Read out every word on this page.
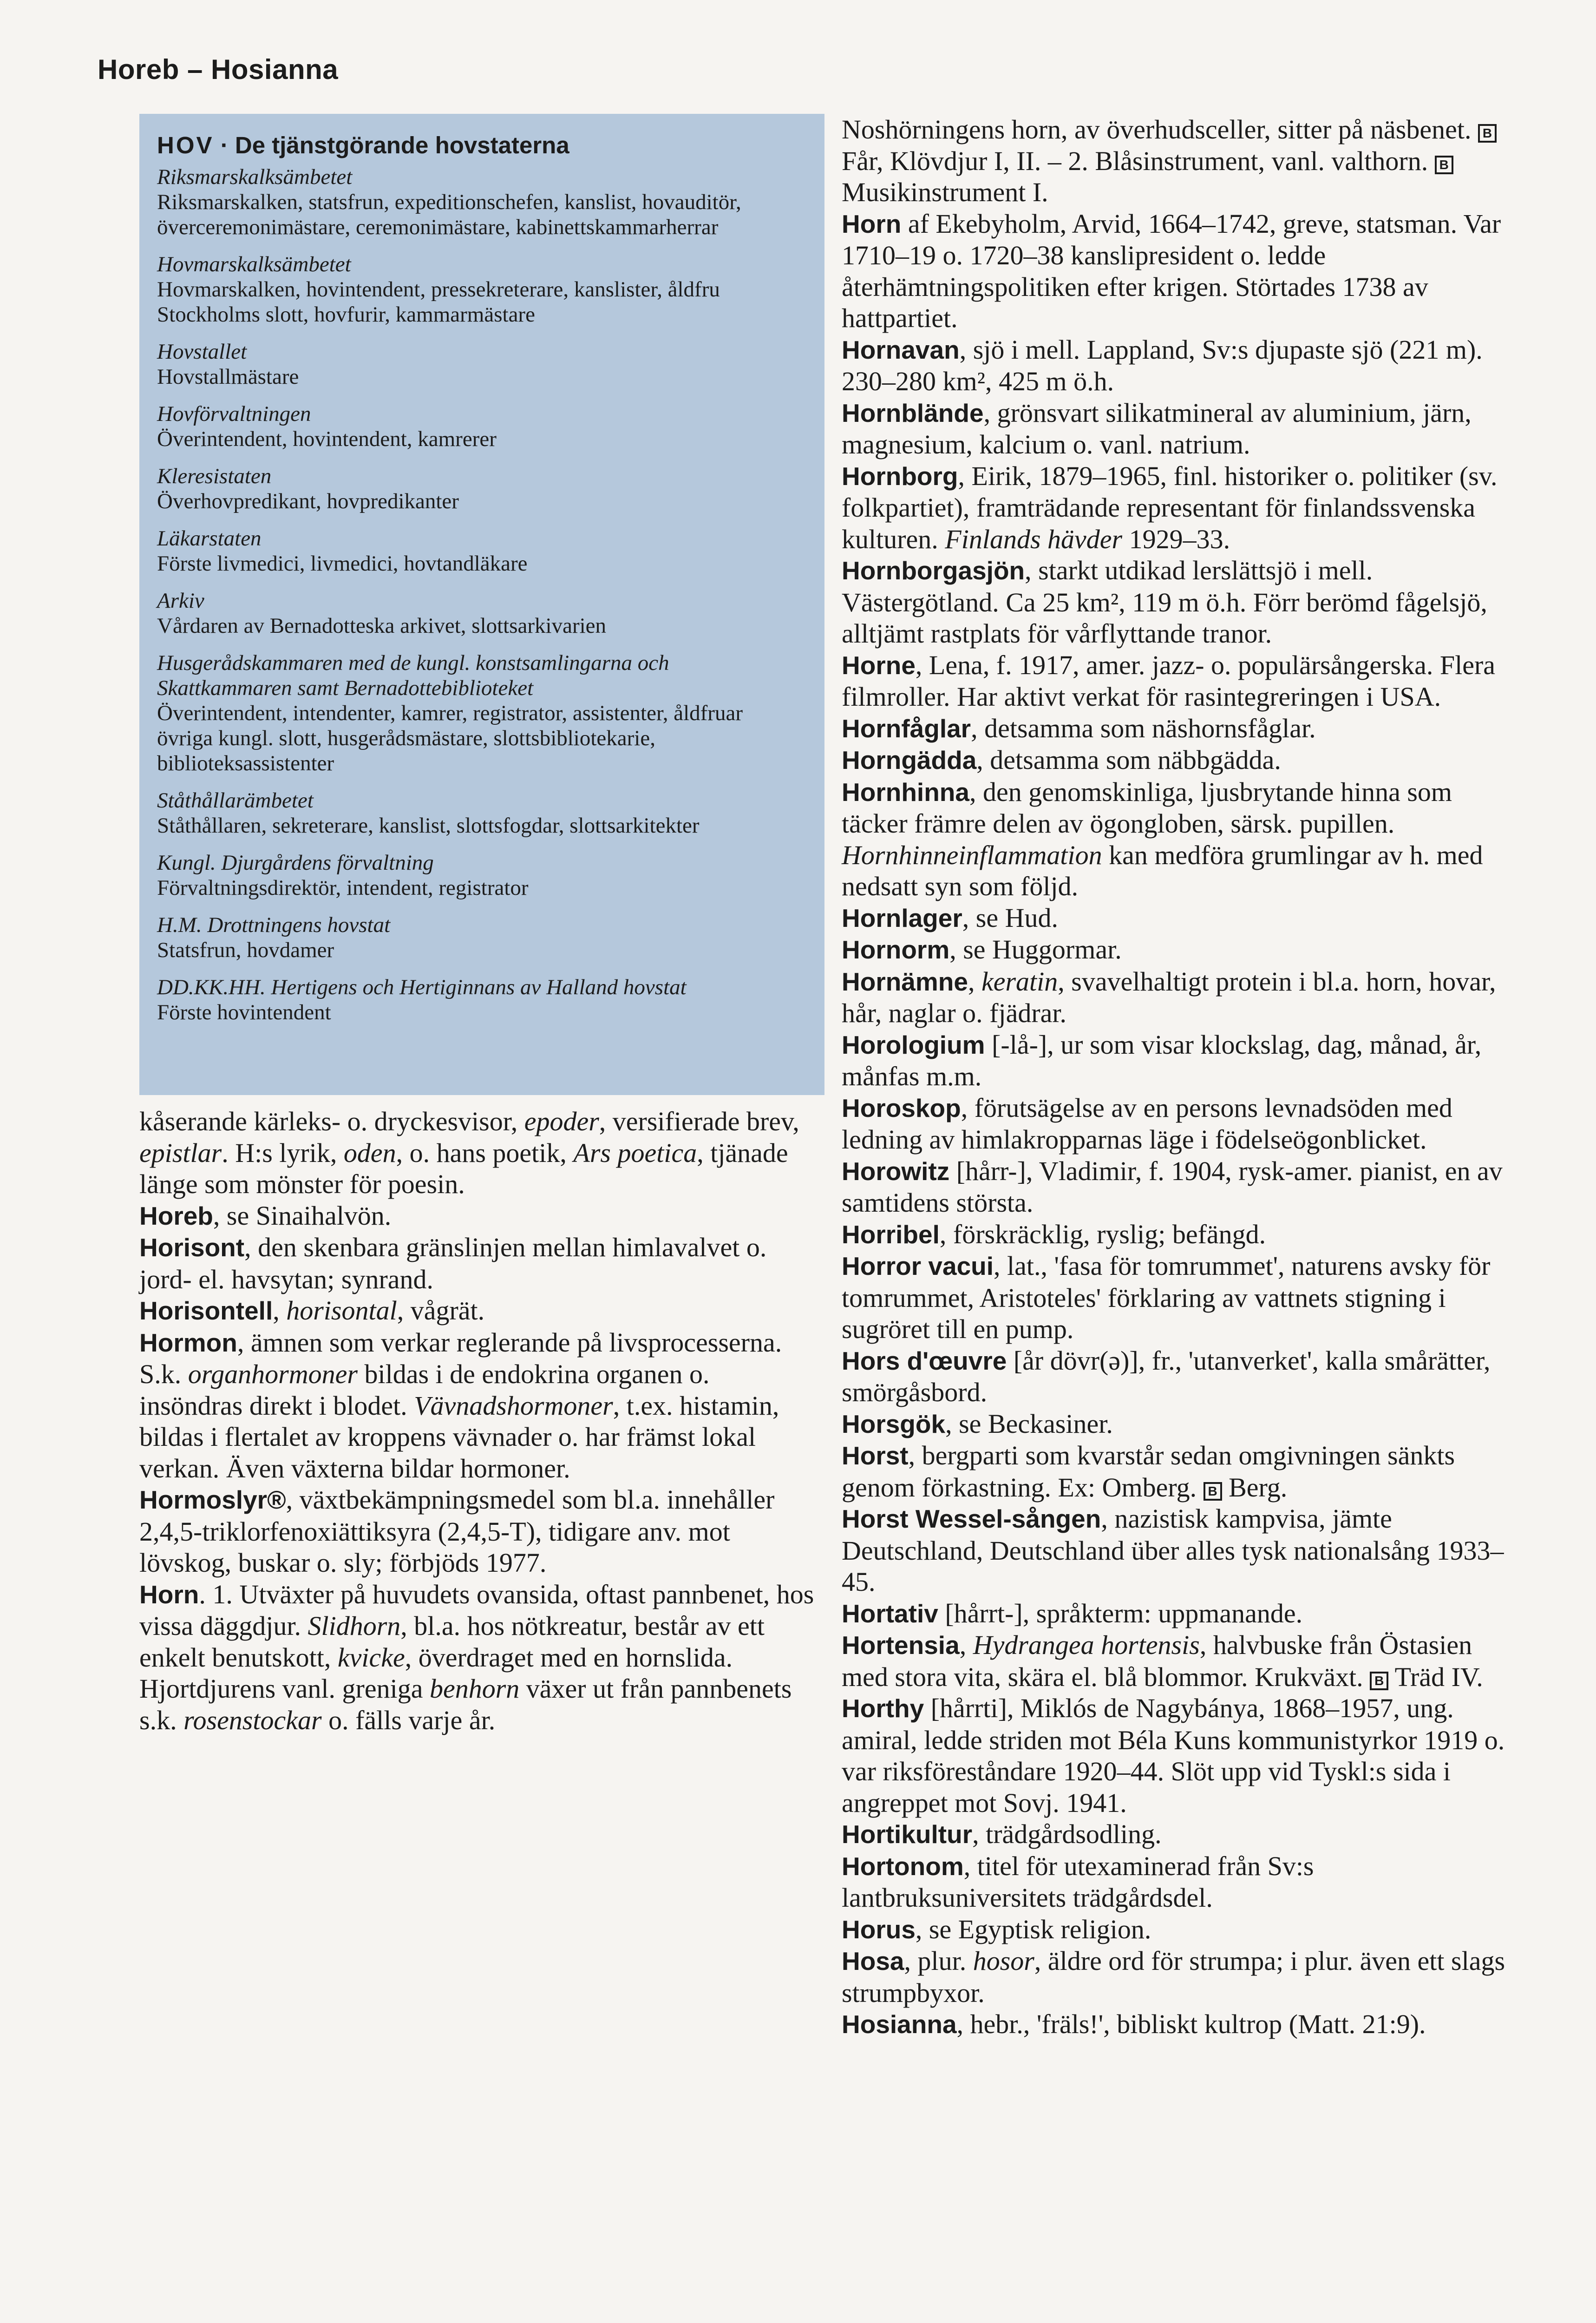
Horeb – Hosianna
HOV · De tjänstgörande hovstaterna
Riksmarskalksämbetet
Riksmarskalken, statsfrun, expeditionschefen, kanslist, hovauditör, överceremonimästare, ceremonimästare, kabinettskammarherrar
Hovmarskalksämbetet
Hovmarskalken, hovintendent, pressekreterare, kanslister, åldfru Stockholms slott, hovfurir, kammarmästare
Hovstallet
Hovstallmästare
Hovförvaltningen
Överintendent, hovintendent, kamrerer
Kleresistaten
Överhovpredikant, hovpredikanter
Läkarstaten
Förste livmedici, livmedici, hovtandläkare
Arkiv
Vårdaren av Bernadotteska arkivet, slottsarkivarien
Husgerådskammaren med de kungl. konstsamlingarna och Skattkammaren samt Bernadottebiblioteket
Överintendent, intendenter, kamrer, registrator, assistenter, åldfruar övriga kungl. slott, husgerådsmästare, slottsbibliotekarie, biblioteksassistenter
Ståthållarämbetet
Ståthållaren, sekreterare, kanslist, slottsfogdar, slottsarkitekter
Kungl. Djurgårdens förvaltning
Förvaltningsdirektör, intendent, registrator
H.M. Drottningens hovstat
Statsfrun, hovdamer
DD.KK.HH. Hertigens och Hertiginnans av Halland hovstat
Förste hovintendent

kåserande kärleks- o. dryckesvisor, epoder, versifierade brev, epistlar. H:s lyrik, oden, o. hans poetik, Ars poetica, tjänade länge som mönster för poesin.

Horeb, se Sinaihalvön.

Horisont, den skenbara gränslinjen mellan himlavalvet o. jord- el. havsytan; synrand.

Horisontell, horisontal, vågrät.

Hormon, ämnen som verkar reglerande på livsprocesserna. S.k. organhormoner bildas i de endokrina organen o. insöndras direkt i blodet. Vävnadshormoner, t.ex. histamin, bildas i flertalet av kroppens vävnader o. har främst lokal verkan. Även växterna bildar hormoner.

Hormoslyr®, växtbekämpningsmedel som bl.a. innehåller 2,4,5-triklorfenoxiättiksyra (2,4,5-T), tidigare anv. mot lövskog, buskar o. sly; förbjöds 1977.

Horn. 1. Utväxter på huvudets ovansida, oftast pannbenet, hos vissa däggdjur. Slidhorn, bl.a. hos nötkreatur, består av ett enkelt benutskott, kvicke, överdraget med en hornslida. Hjortdjurens vanl. greniga benhorn växer ut från pannbenets s.k. rosenstockar o. fälls varje år.

Noshörningens horn, av överhudsceller, sitter på näsbenet. B Får, Klövdjur I, II. – 2. Blåsinstrument, vanl. valthorn. B Musikinstrument I.

Horn af Ekebyholm, Arvid, 1664–1742, greve, statsman. Var 1710–19 o. 1720–38 kanslipresident o. ledde återhämtningspolitiken efter krigen. Störtades 1738 av hattpartiet.

Hornavan, sjö i mell. Lappland, Sv:s djupaste sjö (221 m). 230–280 km², 425 m ö.h.

Hornblände, grönsvart silikatmineral av aluminium, järn, magnesium, kalcium o. vanl. natrium.

Hornborg, Eirik, 1879–1965, finl. historiker o. politiker (sv. folkpartiet), framträdande representant för finlandssvenska kulturen. Finlands hävder 1929–33.

Hornborgasjön, starkt utdikad lerslättsjö i mell. Västergötland. Ca 25 km², 119 m ö.h. Förr berömd fågelsjö, alltjämt rastplats för vårflyttande tranor.

Horne, Lena, f. 1917, amer. jazz- o. populärsångerska. Flera filmroller. Har aktivt verkat för rasintegreringen i USA.

Hornfåglar, detsamma som näshornsfåglar.

Horngädda, detsamma som näbbgädda.

Hornhinna, den genomskinliga, ljusbrytande hinna som täcker främre delen av ögongloben, särsk. pupillen. Hornhinneinflammation kan medföra grumlingar av h. med nedsatt syn som följd.

Hornlager, se Hud.

Hornorm, se Huggormar.

Hornämne, keratin, svavelhaltigt protein i bl.a. horn, hovar, hår, naglar o. fjädrar.

Horologium [-lå-], ur som visar klockslag, dag, månad, år, månfas m.m.

Horoskop, förutsägelse av en persons levnadsöden med ledning av himlakropparnas läge i födelseögonblicket.

Horowitz [hårr-], Vladimir, f. 1904, rysk-amer. pianist, en av samtidens största.

Horribel, förskräcklig, ryslig; befängd.

Horror vacui, lat., 'fasa för tomrummet', naturens avsky för tomrummet, Aristoteles' förklaring av vattnets stigning i sugröret till en pump.

Hors d'œuvre [år dövr(ə)], fr., 'utanverket', kalla smårätter, smörgåsbord.

Horsgök, se Beckasiner.

Horst, bergparti som kvarstår sedan omgivningen sänkts genom förkastning. Ex: Omberg. B Berg.

Horst Wessel-sången, nazistisk kampvisa, jämte Deutschland, Deutschland über alles tysk nationalsång 1933–45.

Hortativ [hårrt-], språkterm: uppmanande.

Hortensia, Hydrangea hortensis, halvbuske från Östasien med stora vita, skära el. blå blommor. Krukväxt. B Träd IV.

Horthy [hårrti], Miklós de Nagybánya, 1868–1957, ung. amiral, ledde striden mot Béla Kuns kommunistyrkor 1919 o. var riksföreståndare 1920–44. Slöt upp vid Tyskl:s sida i angreppet mot Sovj. 1941.

Hortikultur, trädgårdsodling.

Hortonom, titel för utexaminerad från Sv:s lantbruksuniversitets trädgårdsdel.

Horus, se Egyptisk religion.

Hosa, plur. hosor, äldre ord för strumpa; i plur. även ett slags strumpbyxor.

Hosianna, hebr., 'fräls!', bibliskt kultrop (Matt. 21:9).
